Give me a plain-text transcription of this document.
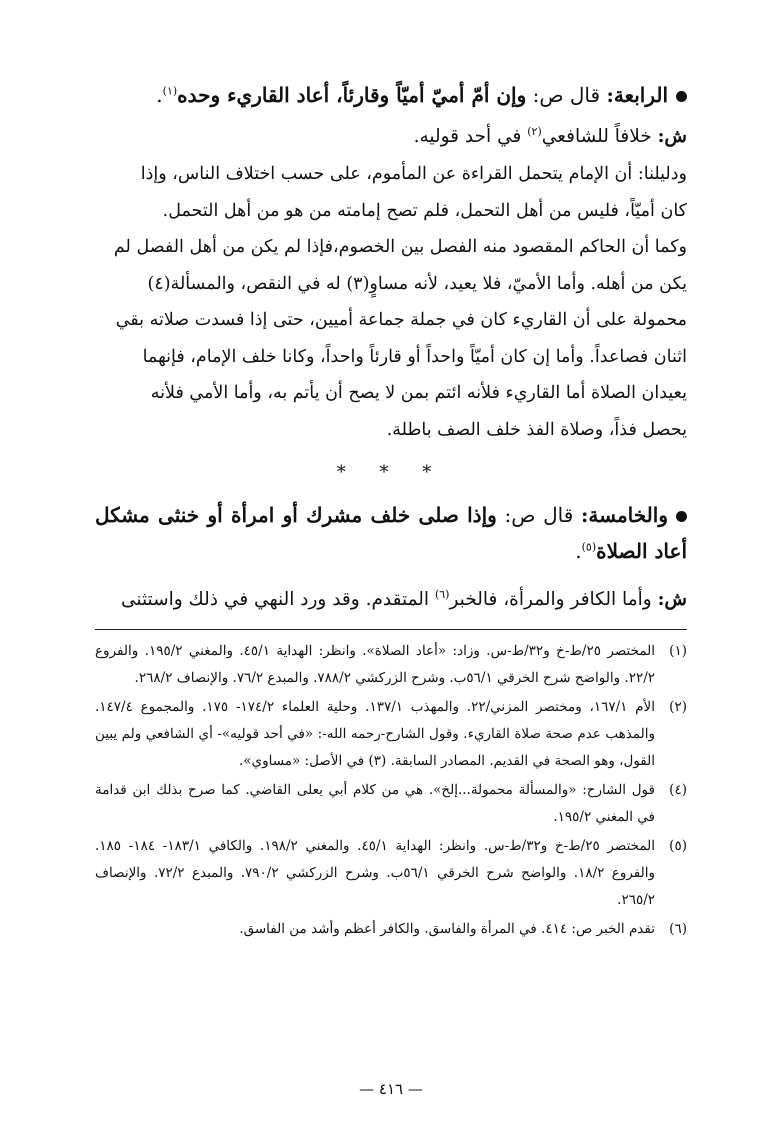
الرابعة: قال ص: وإن أمّ أميّ أميّاً وقارئاً، أعاد القاريء وحده$^{(١)}$.

ش: خلافاً للشافعي$^{(٢)}$ في أحد قوليه.

ودليلنا: أن الإمام يتحمل القراءة عن المأموم، على حسب اختلاف الناس، وإذا

كان أميّاً، فليس من أهل التحمل، فلم تصح إمامته من هو من أهل التحمل.

وكما أن الحاكم المقصود منه الفصل بين الخصوم،فإذا لم يكن من أهل الفصل لم

يكن من أهله. وأما الأميّ، فلا يعيد، لأنه مساوٍ(٣) له في النقص، والمسألة(٤)

محمولة على أن القاريء كان في جملة جماعة أميين، حتى إذا فسدت صلاته بقي

اثنان فصاعداً. وأما إن كان أميّاً واحداً أو قارئاً واحداً، وكانا خلف الإمام، فإنهما

يعيدان الصلاة أما القاريء فلأنه ائتم بمن لا يصح أن يأتم به، وأما الأمي فلأنه

يحصل فذاً، وصلاة الفذ خلف الصف باطلة.

* * *

والخامسة: قال ص: وإذا صلى خلف مشرك أو امرأة أو خنثى مشكل أعاد الصلاة$^{(٥)}$.

ش: وأما الكافر والمرأة، فالخبر$^{(٦)}$ المتقدم. وقد ورد النهي في ذلك واستثنى

(١)
المختصر ٢٥/ط-خ و٣٢/ط-س. وزاد: «أعاد الصلاة». وانظر: الهداية ٤٥/١. والمغني ١٩٥/٢. والفروع ٢٢/٢. والواضح شرح الخرقي ٥٦/١ب. وشرح الزركشي ٧٨٨/٢. والمبدع ٧٦/٢. والإنصاف ٢٦٨/٢.

(٢)
الأم ١٦٧/١، ومختصر المزني/٢٢. والمهذب ١٣٧/١. وحلية العلماء ١٧٤/٢- ١٧٥. والمجموع ١٤٧/٤. والمذهب عدم صحة صلاة القاريء. وقول الشارح-رحمه الله-: «في أحد قوليه»- أي الشافعي ولم يبين القول، وهو الصحة في القديم. المصادر السابقة. (٣) في الأصل: «مساوي».

(٤)
قول الشارح: «والمسألة محمولة...إلخ». هي من كلام أبي يعلى القاضي. كما صرح بذلك ابن قدامة في المغني ١٩٥/٢.

(٥)
المختصر ٢٥/ط-خ و٣٢/ط-س. وانظر: الهداية ٤٥/١. والمغني ١٩٨/٢. والكافي ١٨٣/١- ١٨٤- ١٨٥. والفروع ١٨/٢. والواضح شرح الخرقي ٥٦/١ب. وشرح الزركشي ٧٩٠/٢. والمبدع ٧٢/٢. والإنصاف ٢٦٥/٢.

(٦)
تقدم الخبر ص: ٤١٤. في المرأة والفاسق. والكافر أعظم وأشد من الفاسق.

— ٤١٦ —
